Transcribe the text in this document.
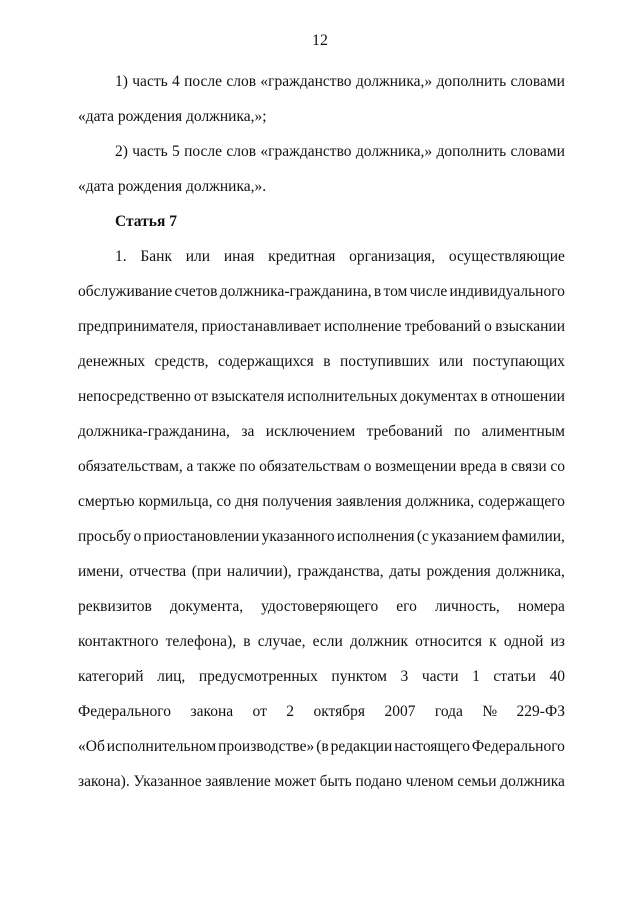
12
1) часть 4 после слов «гражданство должника,» дополнить словами
«дата рождения должника,»;
2) часть 5 после слов «гражданство должника,» дополнить словами
«дата рождения должника,».
Статья 7
1. Банк или иная кредитная организация, осуществляющие
обслуживание счетов должника-гражданина, в том числе индивидуального
предпринимателя, приостанавливает исполнение требований о взыскании
денежных средств, содержащихся в поступивших или поступающих
непосредственно от взыскателя исполнительных документах в отношении
должника-гражданина, за исключением требований по алиментным
обязательствам, а также по обязательствам о возмещении вреда в связи со
смертью кормильца, со дня получения заявления должника, содержащего
просьбу о приостановлении указанного исполнения (с указанием фамилии,
имени, отчества (при наличии), гражданства, даты рождения должника,
реквизитов документа, удостоверяющего его личность, номера
контактного телефона), в случае, если должник относится к одной из
категорий лиц, предусмотренных пунктом 3 части 1 статьи 40
Федерального закона от 2 октября 2007 года № 229-ФЗ
«Об исполнительном производстве» (в редакции настоящего Федерального
закона). Указанное заявление может быть подано членом семьи должника
